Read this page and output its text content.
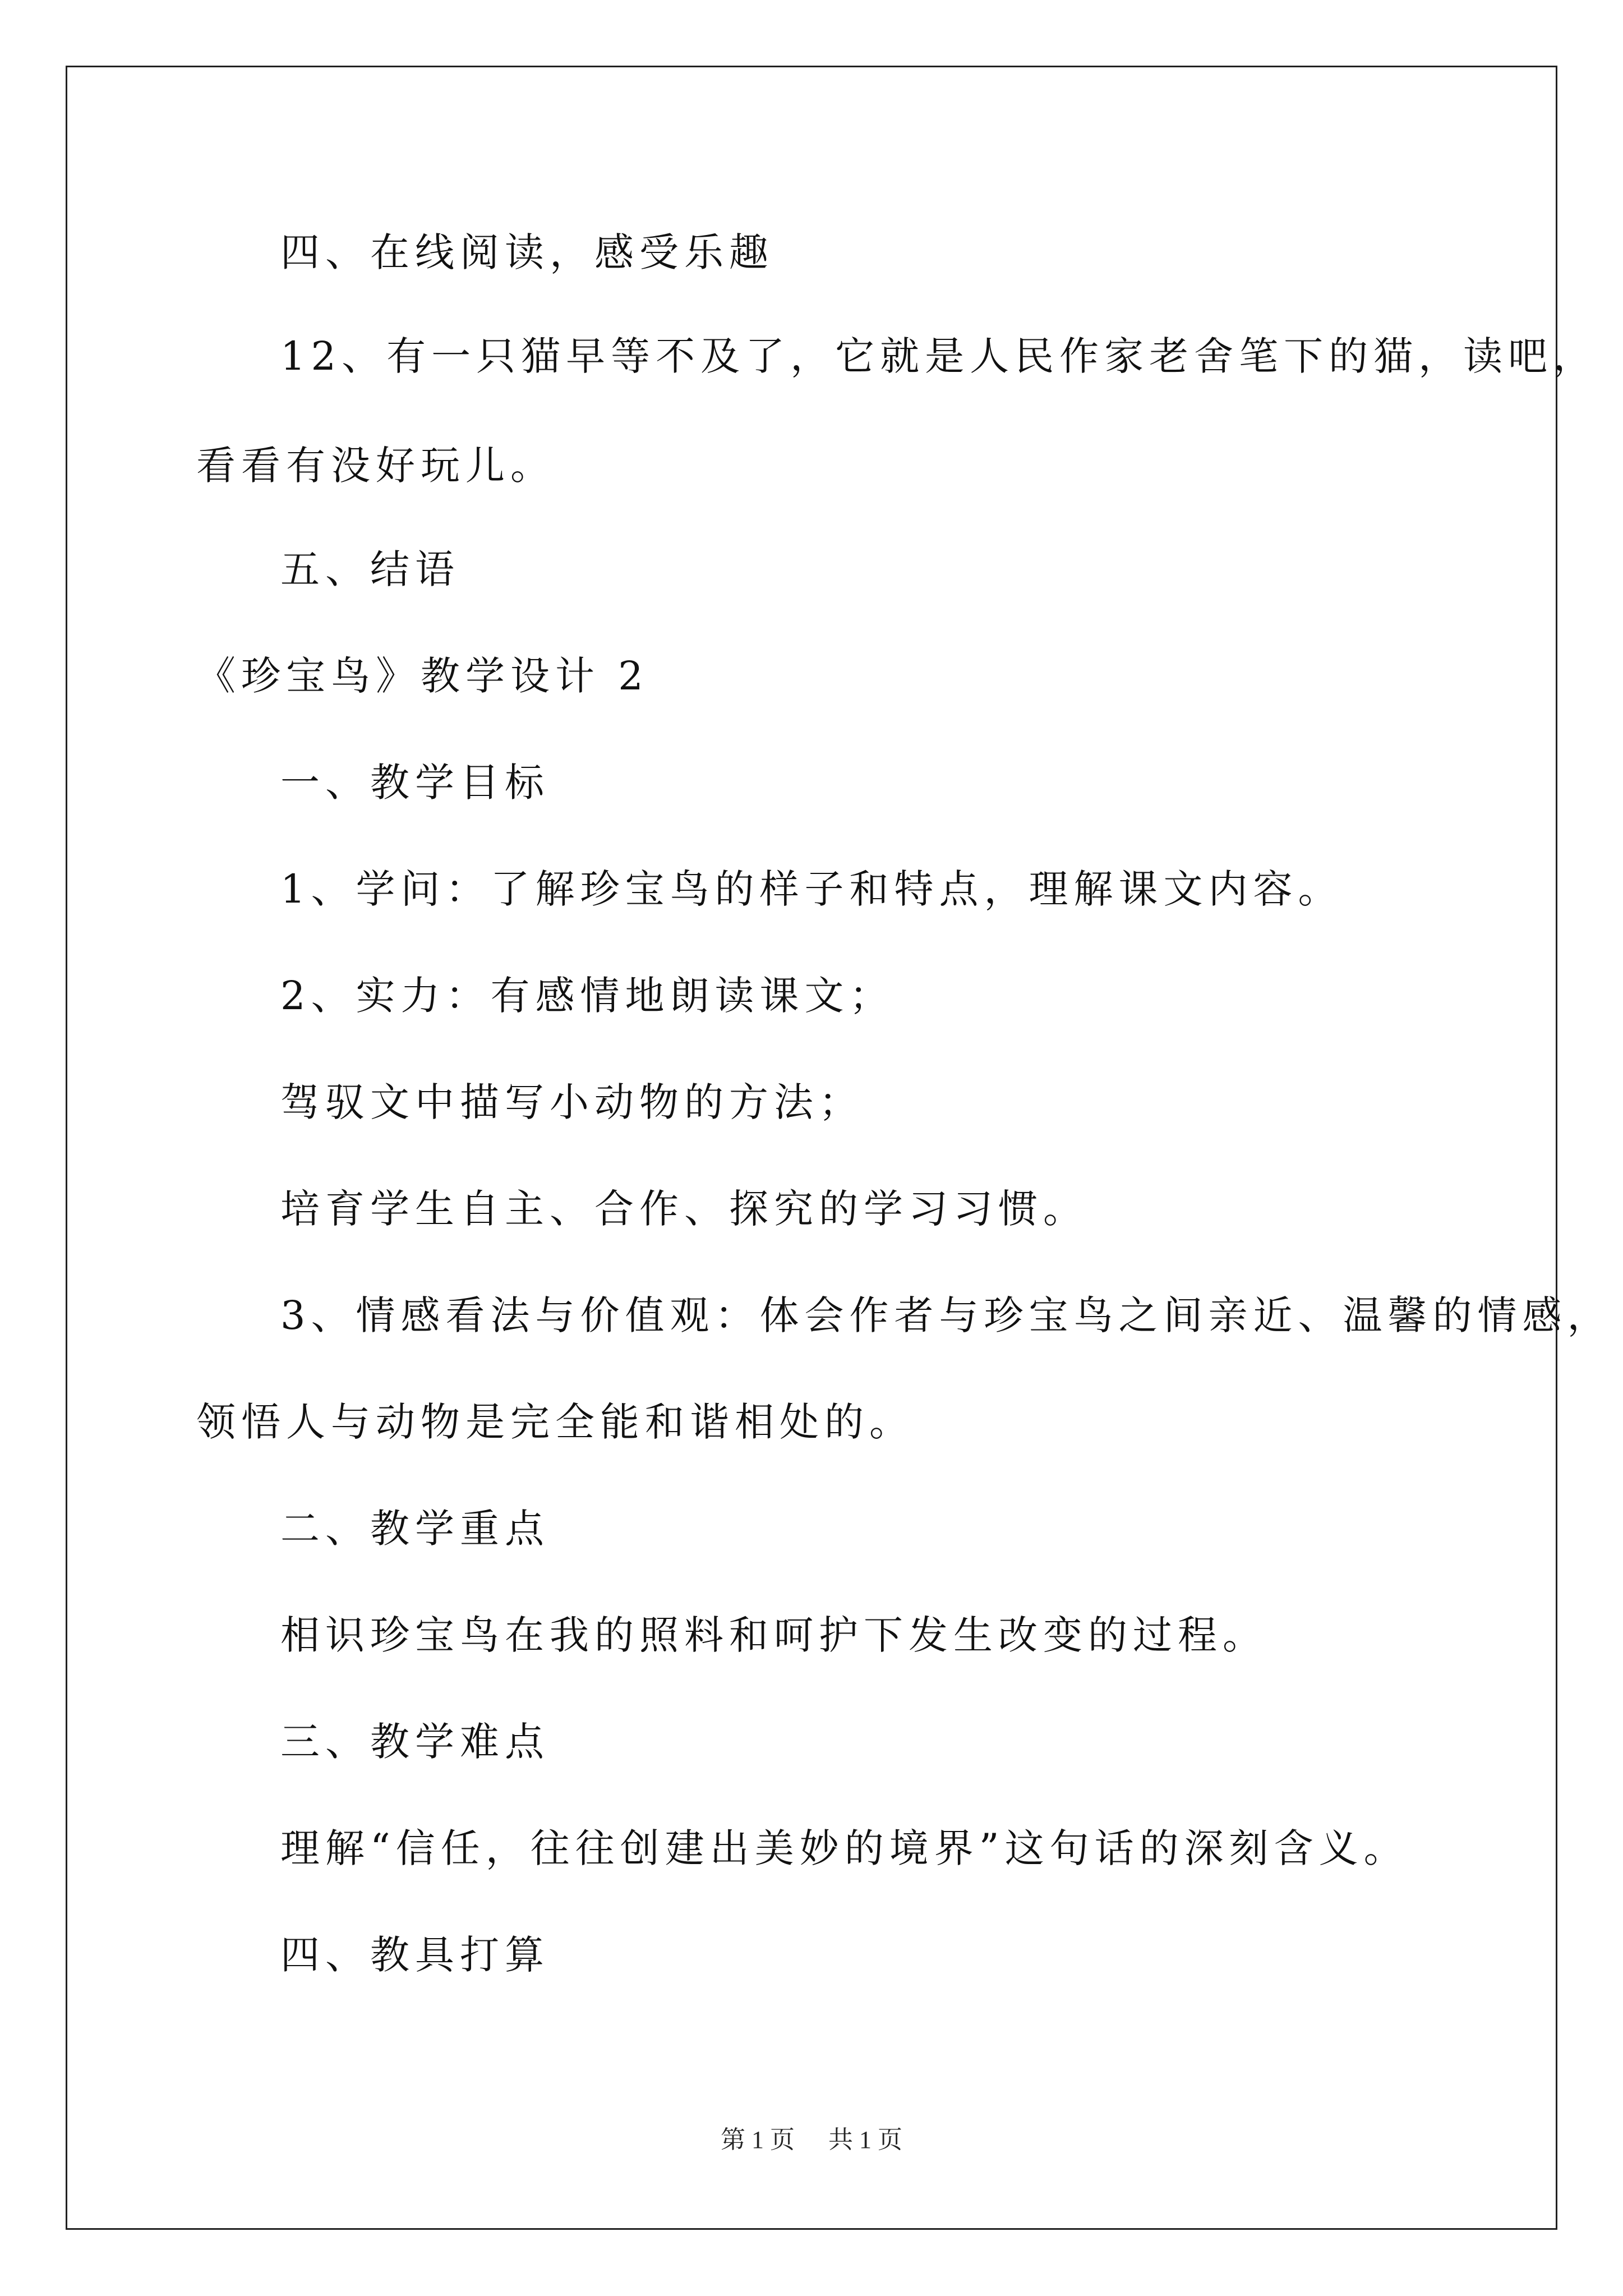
四、在线阅读，感受乐趣
12、有一只猫早等不及了，它就是人民作家老舍笔下的猫，读吧，
看看有没好玩儿。
五、结语
《珍宝鸟》教学设计 2
一、教学目标
1、学问：了解珍宝鸟的样子和特点，理解课文内容。
2、实力：有感情地朗读课文；
驾驭文中描写小动物的方法；
培育学生自主、合作、探究的学习习惯。
3、情感看法与价值观：体会作者与珍宝鸟之间亲近、温馨的情感，
领悟人与动物是完全能和谐相处的。
二、教学重点
相识珍宝鸟在我的照料和呵护下发生改变的过程。
三、教学难点
理解“信任，往往创建出美妙的境界”这句话的深刻含义。
四、教具打算
第 1 页 共 1 页
